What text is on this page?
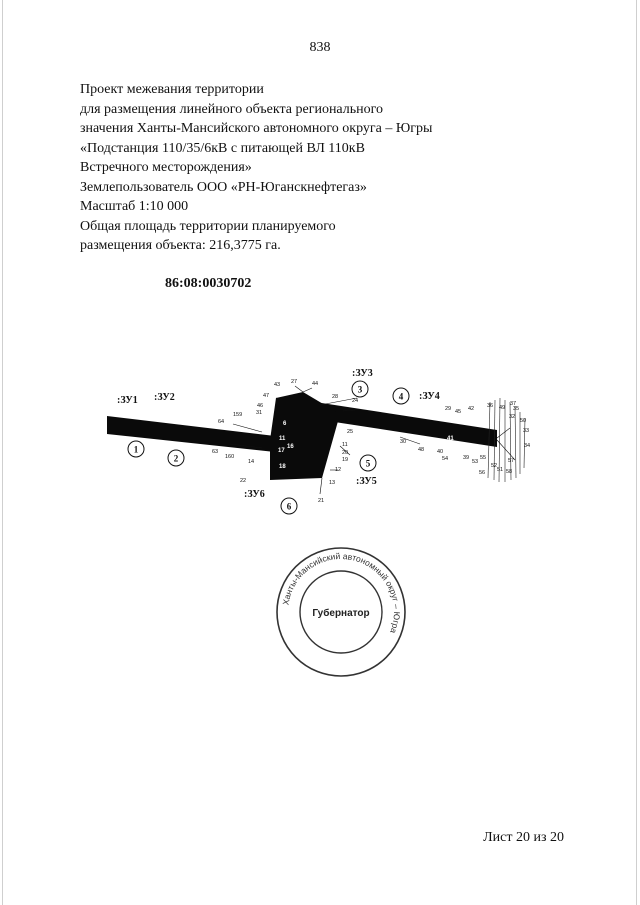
838
Проект межевания территории
для размещения линейного объекта регионального
значения Ханты-Мансийского автономного округа – Югры
«Подстанция 110/35/6кВ с питающей ВЛ 110кВ
Встречного месторождения»
Землепользователь ООО «РН-Юганскнефтегаз»
Масштаб 1:10 000
Общая площадь территории планируемого
размещения объекта: 216,3775 га.
86:08:0030702
1
2
3
4
5
6
:ЗУ1 :ЗУ2
:ЗУ3
:ЗУ4
:ЗУ5
:ЗУ6
6
11
16
17
18
41
43 27	44
47
46
31
28
24
159
64
63
160
14
22
25
11
20
19
12
13
21
30
48 40
54	39
53
55
56
57
58
29 45 42 36 49
37
35
32
50
33
34
52
51
Ханты-Мансийский автономный округ – Югра
Губернатор
Лист 20 из 20
